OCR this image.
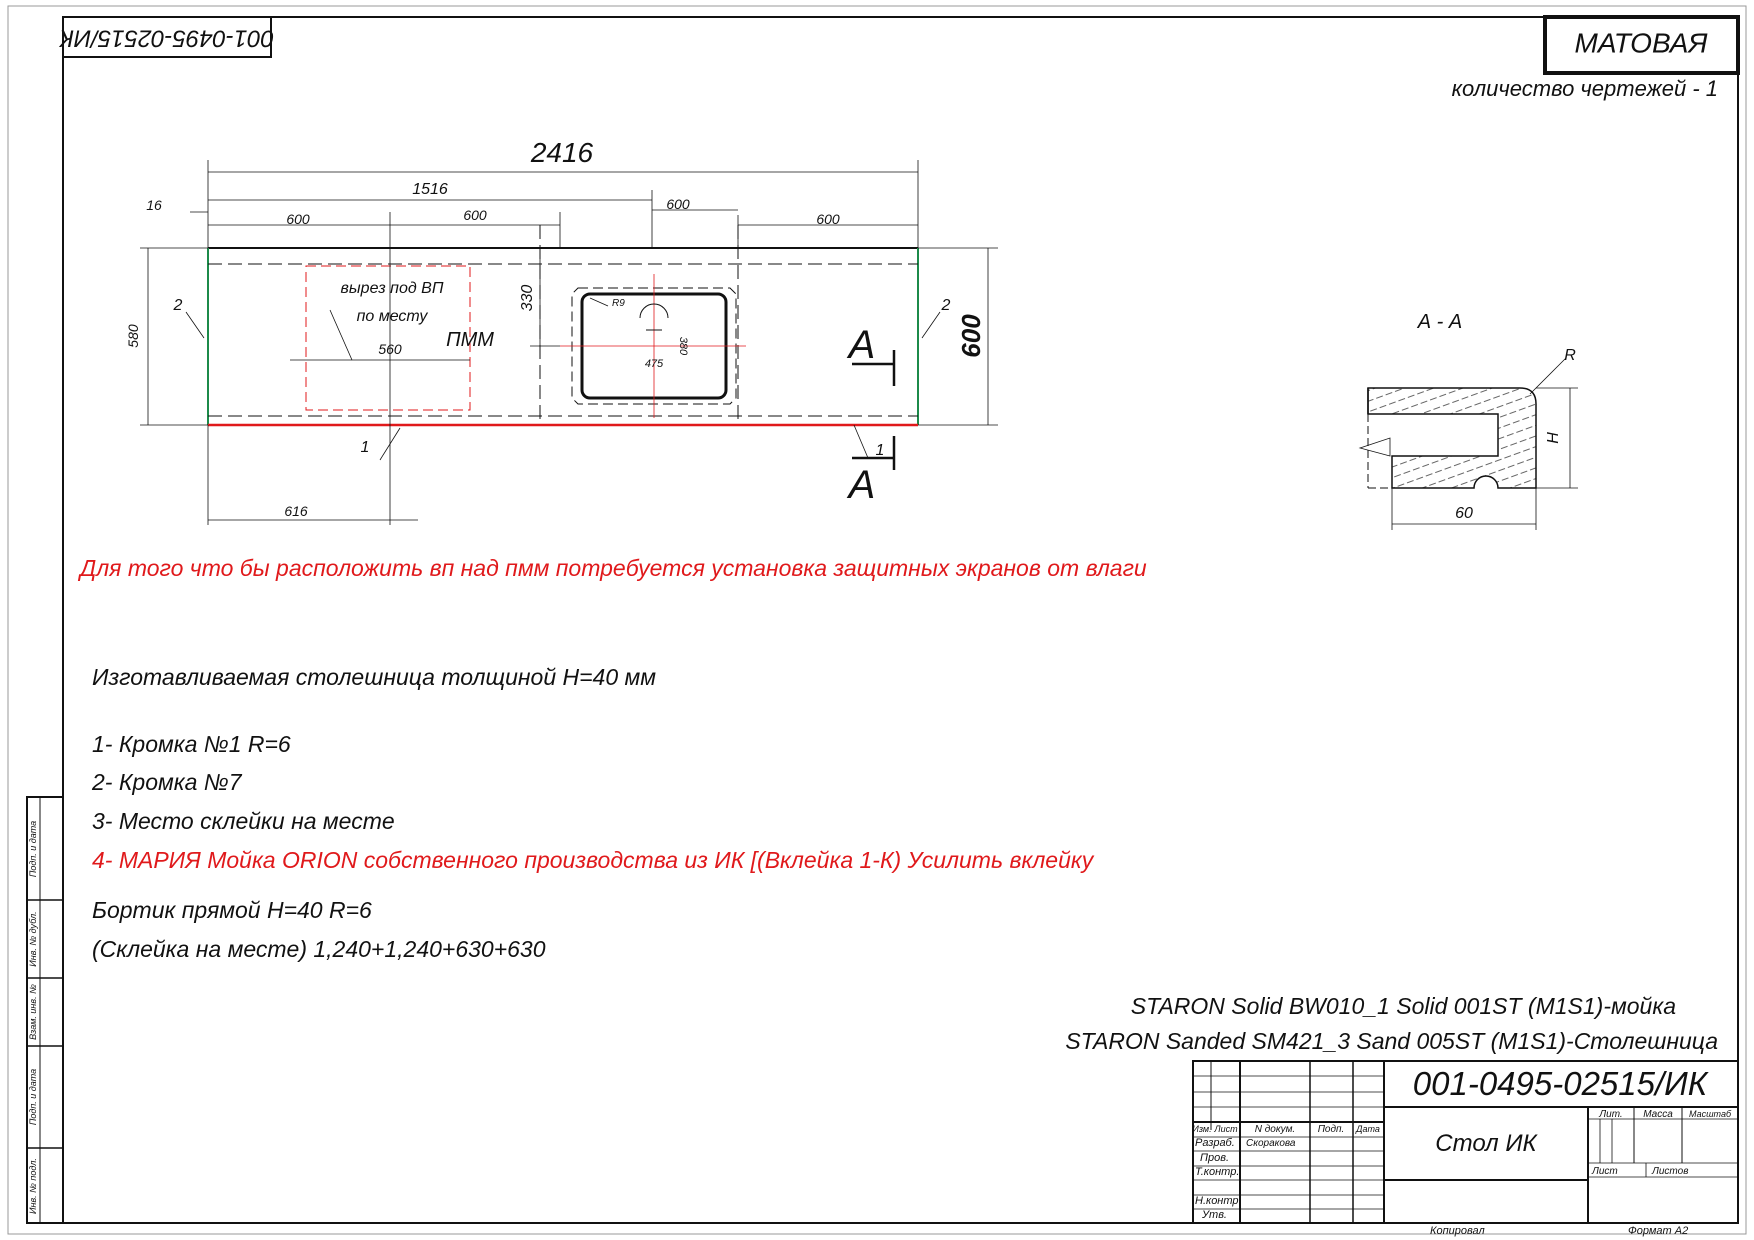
001-0495-02515/ИК	МАТОВАЯ
количество чертежей - 1
2416
1516
16
600	600
600
600
580	600
330
560
475
380
R9
616
вырез под ВП
по месту
ПММ
2	2
1	1
А
А
А - А
R
H
60
Для того что бы расположить вп над пмм потребуется установка защитных экранов от влаги
Изготавливаемая столешница толщиной Н=40 мм
1- Кромка №1 R=6
2- Кромка №7
3- Место склейки на месте
4- МАРИЯ Мойка ORION собственного производства из ИК [(Вклейка 1-К) Усилить вклейку
Бортик прямой Н=40 R=6
(Склейка на месте) 1,240+1,240+630+630
STARON Solid BW010_1 Solid 001ST (M1S1)-мойка
STARON Sanded SM421_3 Sand 005ST (M1S1)-Столешница
Инв. № подл.
Подп. и дата
Взам. инв. №
Инв. № дубл.
Подп. и дата
001-0495-02515/ИК
Стол ИК
Изм. Лист N докум. Подп. Дата
Разраб. Скоракова
Пров.
Т.контр.
Н.контр.
Утв.
Лит. Масса Масштаб
Лист	Листов
Копировал	Формат А2
